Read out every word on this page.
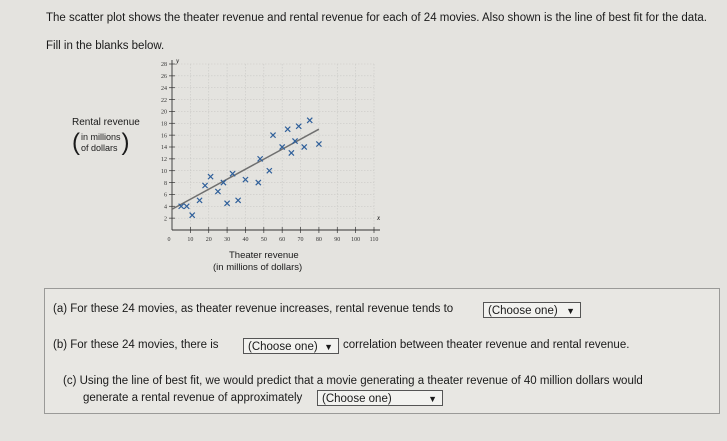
The scatter plot shows the theater revenue and rental revenue for each of 24 movies. Also shown is the line of best fit for the data.
Fill in the blanks below.
Rental revenue
( in millions
of dollars )
2
4
6
8
10
12
14
16
18
20
22
24
26
28
10 20 30 40 50 60 70 80 90 100 110
0
y
x
Theater revenue
(in millions of dollars)
(a) For these 24 movies, as theater revenue increases, rental revenue tends to	(Choose one) ▼
(b) For these 24 movies, there is	(Choose one) ▼ correlation between theater revenue and rental revenue.
(c) Using the line of best fit, we would predict that a movie generating a theater revenue of 40 million dollars would
generate a rental revenue of approximately	(Choose one)	▼
